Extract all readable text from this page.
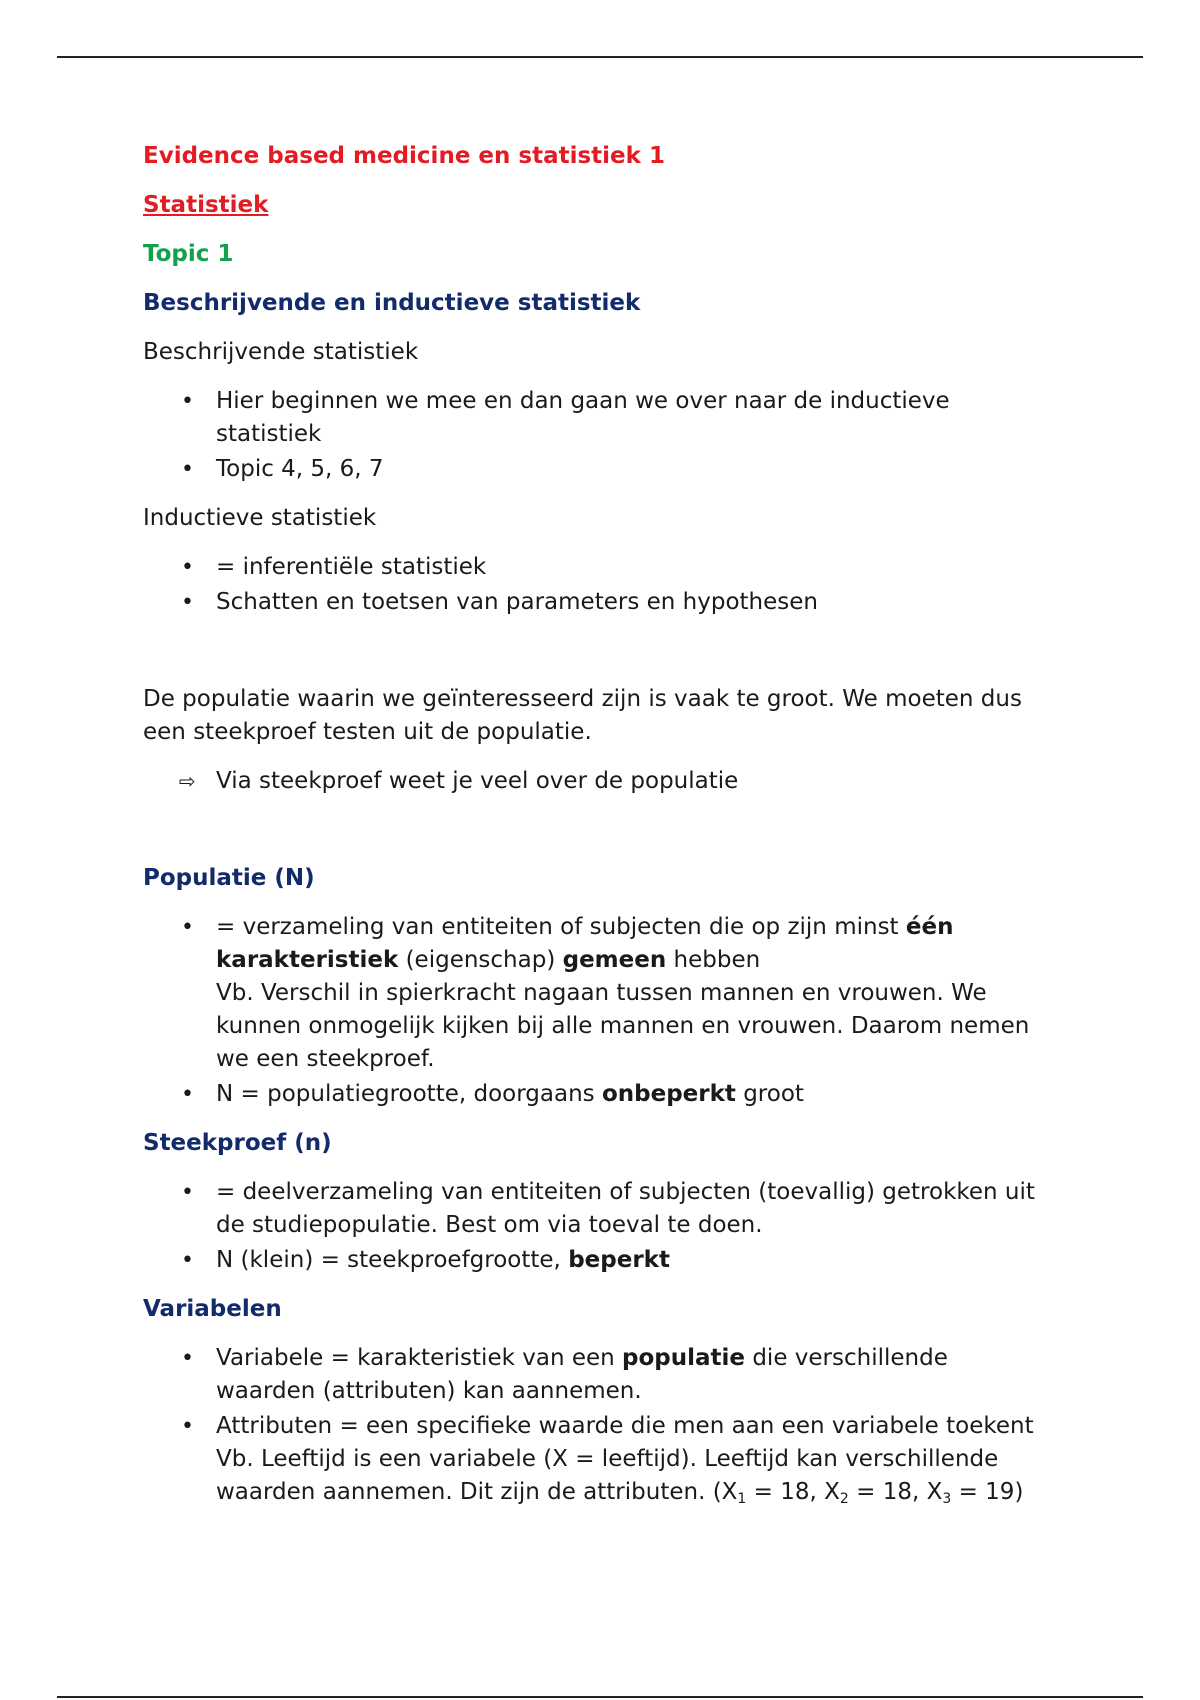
Evidence based medicine en statistiek 1
Statistiek
Topic 1
Beschrijvende en inductieve statistiek
Beschrijvende statistiek
• Hier beginnen we mee en dan gaan we over naar de inductieve statistiek
• Topic 4, 5, 6, 7
Inductieve statistiek
• = inferentiële statistiek
• Schatten en toetsen van parameters en hypothesen
De populatie waarin we geïnteresseerd zijn is vaak te groot. We moeten dus een steekproef testen uit de populatie.
⇨ Via steekproef weet je veel over de populatie
Populatie (N)
• = verzameling van entiteiten of subjecten die op zijn minst één karakteristiek (eigenschap) gemeen hebben
Vb. Verschil in spierkracht nagaan tussen mannen en vrouwen. We kunnen onmogelijk kijken bij alle mannen en vrouwen. Daarom nemen we een steekproef.
• N = populatiegrootte, doorgaans onbeperkt groot
Steekproef (n)
• = deelverzameling van entiteiten of subjecten (toevallig) getrokken uit de studiepopulatie. Best om via toeval te doen.
• N (klein) = steekproefgrootte, beperkt
Variabelen
• Variabele = karakteristiek van een populatie die verschillende waarden (attributen) kan aannemen.
• Attributen = een specifieke waarde die men aan een variabele toekent
Vb. Leeftijd is een variabele (X = leeftijd). Leeftijd kan verschillende waarden aannemen. Dit zijn de attributen. ($X_1 = 18$, $X_2 = 18$, $X_3 = 19$)
